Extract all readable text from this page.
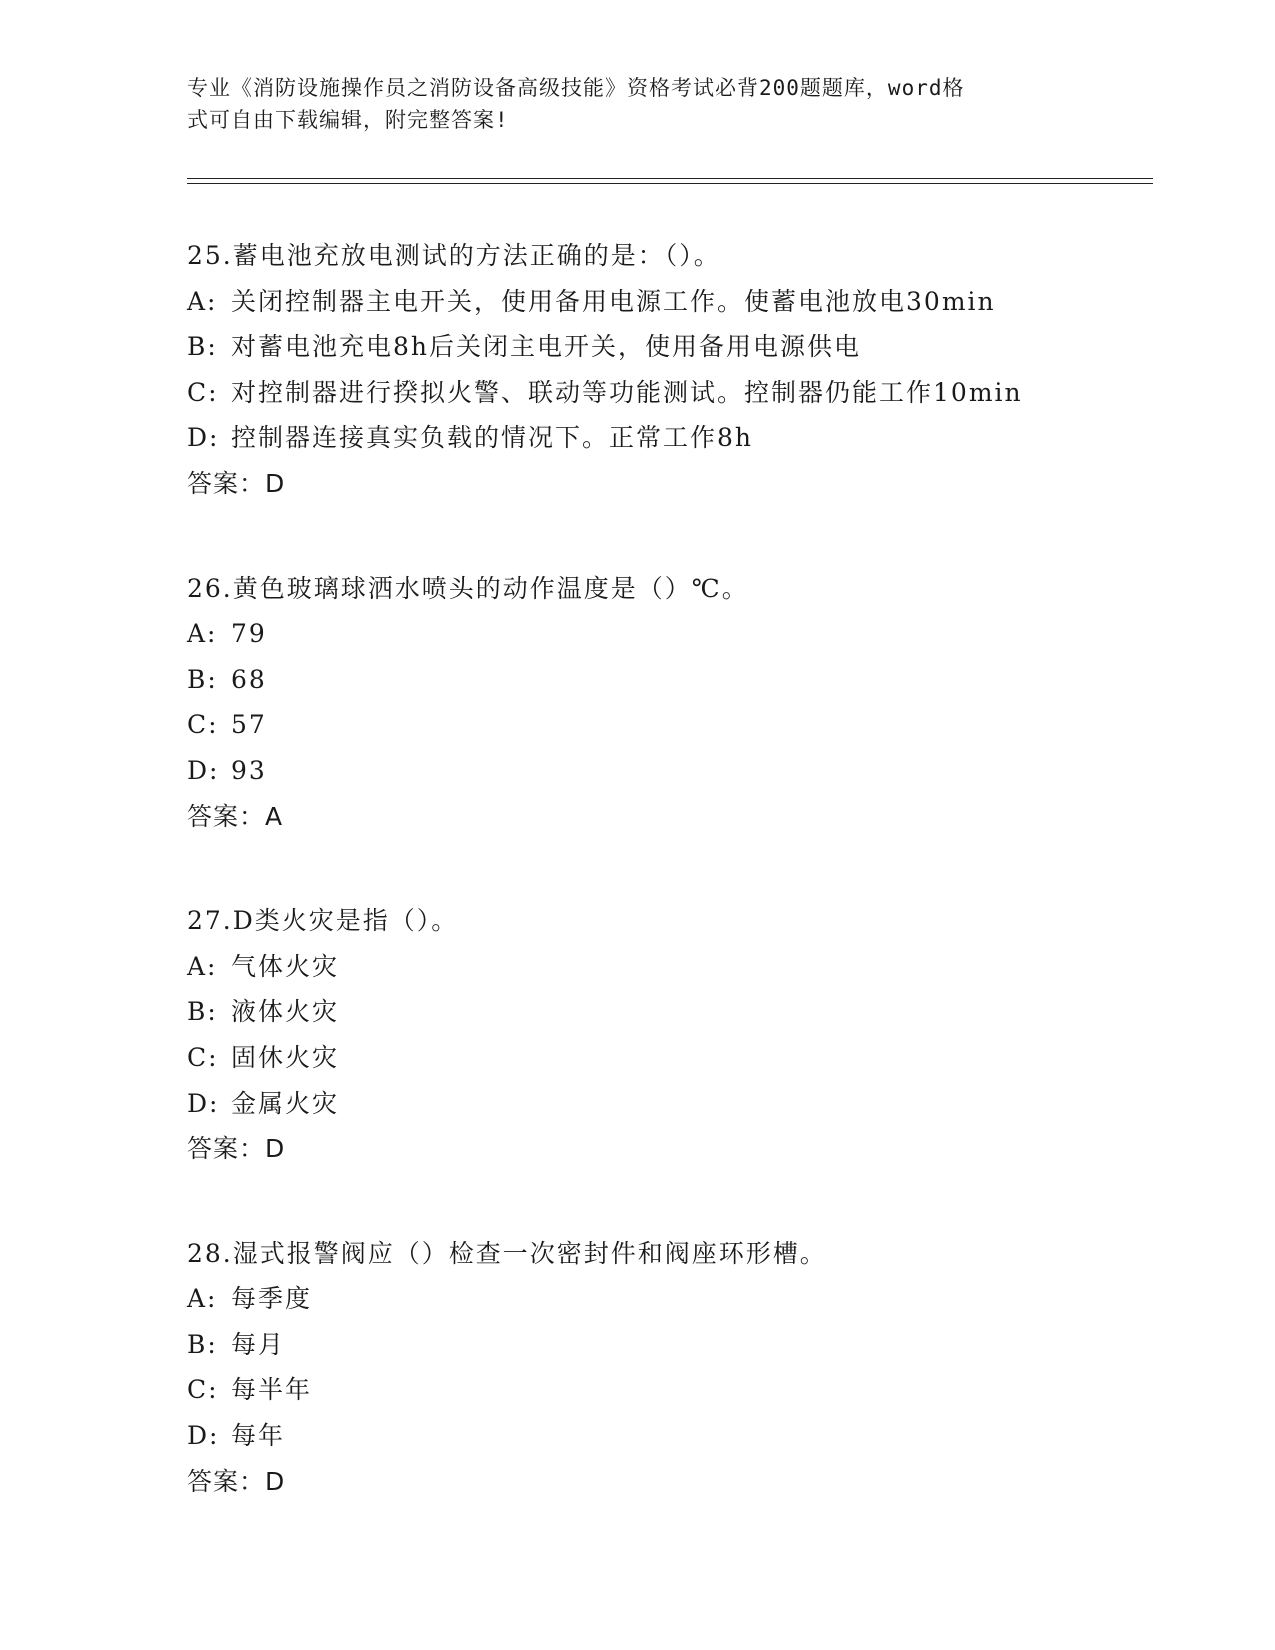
专业《消防设施操作员之消防设备高级技能》资格考试必背200题题库，word格
式可自由下载编辑，附完整答案!
25.蓄电池充放电测试的方法正确的是：（）。
A: 关闭控制器主电开关，使用备用电源工作。使蓄电池放电30min
B: 对蓄电池充电8h后关闭主电开关，使用备用电源供电
C: 对控制器进行揆拟火警、联动等功能测试。控制器仍能工作10min
D: 控制器连接真实负载的情况下。正常工作8h
答案：D
26.黄色玻璃球洒水喷头的动作温度是（）℃。
A: 79
B: 68
C: 57
D: 93
答案：A
27.D类火灾是指（）。
A: 气体火灾
B: 液体火灾
C: 固休火灾
D: 金属火灾
答案：D
28.湿式报警阀应（）检查一次密封件和阀座环形槽。
A: 每季度
B: 每月
C: 每半年
D: 每年
答案：D
